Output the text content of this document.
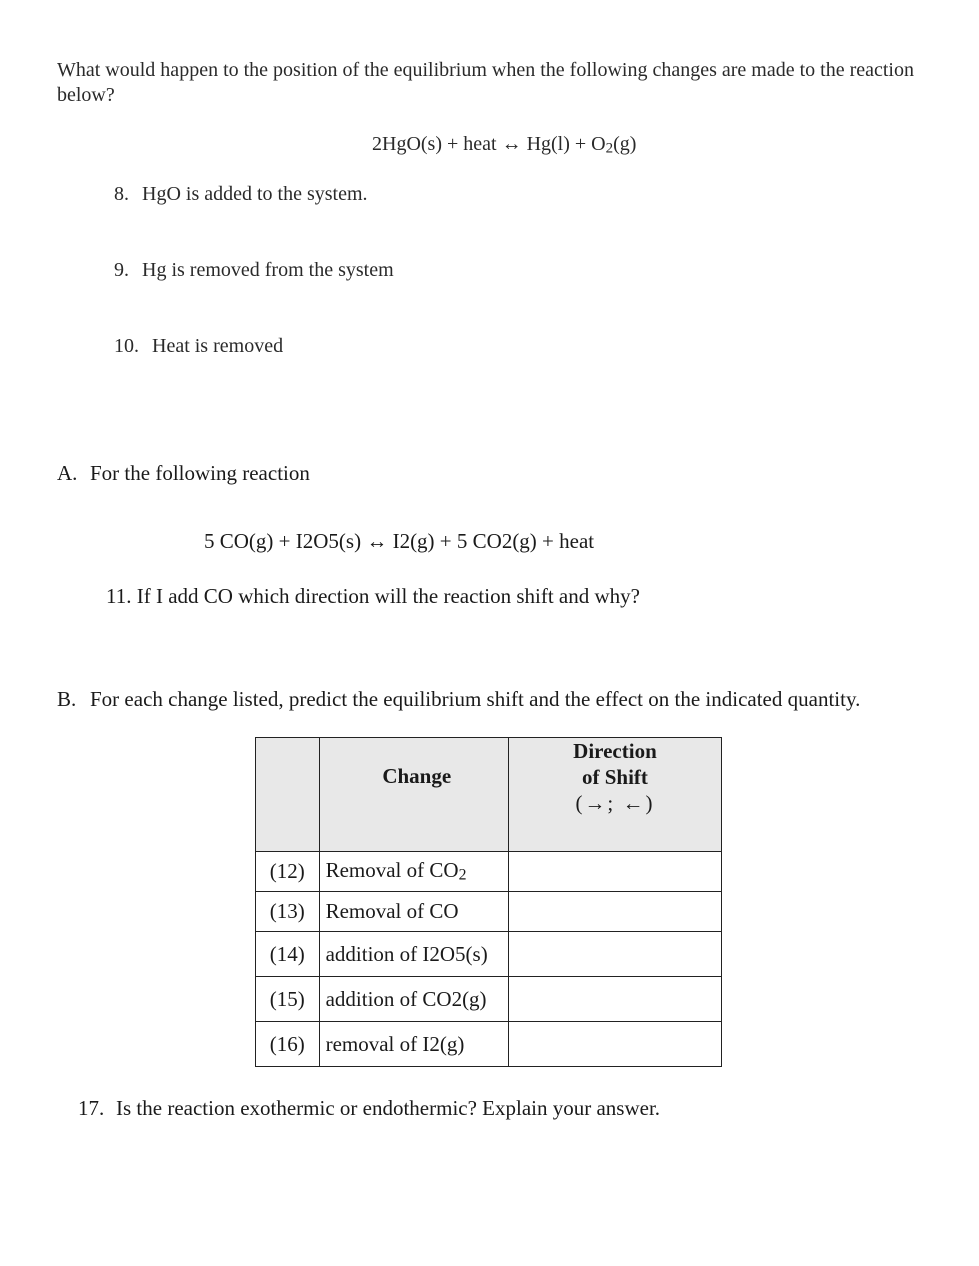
What would happen to the position of the equilibrium when the following changes are made to the reaction below?

2HgO(s) + heat ↔ Hg(l) + O2(g)
8. HgO is added to the system.
9. Hg is removed from the system
10. Heat is removed
A. For the following reaction
5 CO(g) + I2O5(s) ↔ I2(g) + 5 CO2(g) + heat
11. If I add CO which direction will the reaction shift and why?
B. For each change listed, predict the equilibrium shift and the effect on the indicated quantity.
	Change	Direction
of Shift
(→; ←)

(12)	Removal of CO2	
(13)	Removal of CO	
(14)	addition of I2O5(s)	
(15)	addition of CO2(g)	
(16)	removal of I2(g)	
17. Is the reaction exothermic or endothermic? Explain your answer.
